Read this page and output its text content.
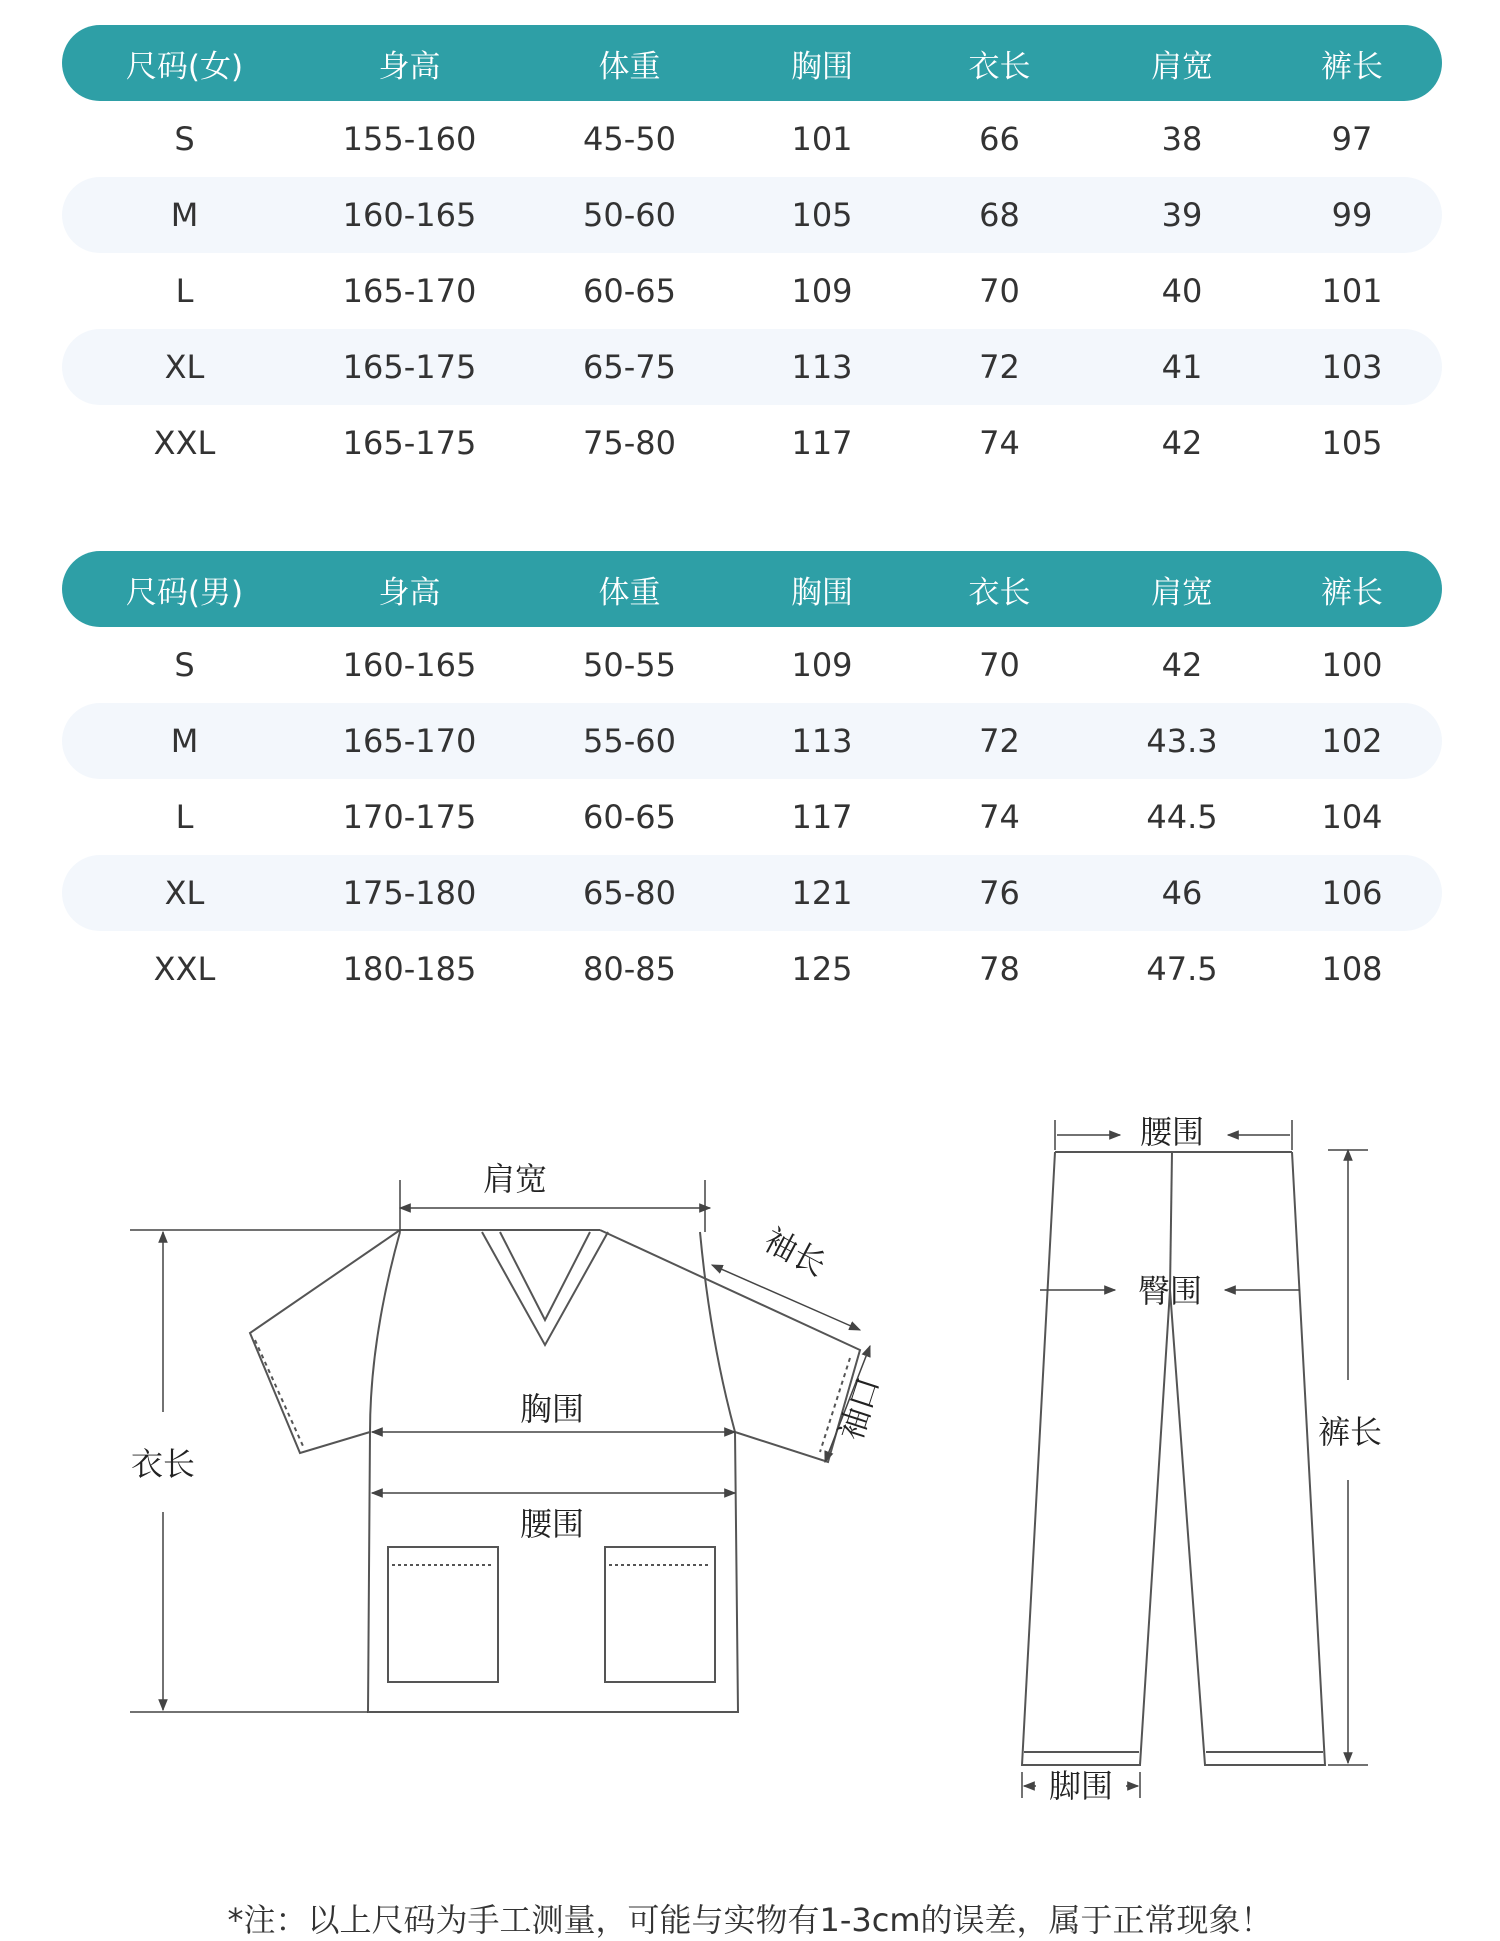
尺码(女)	身高	体重	胸围	衣长	肩宽	裤长
S	155-160	45-50	101	66	38	97
M	160-165	50-60	105	68	39	99
L	165-170	60-65	109	70	40	101
XL	165-175	65-75	113	72	41	103
XXL	165-175	75-80	117	74	42	105
尺码(男)	身高	体重	胸围	衣长	肩宽	裤长
S	160-165	50-55	109	70	42	100
M	165-170	55-60	113	72	43.3	102
L	170-175	60-65	117	74	44.5	104
XL	175-180	65-80	121	76	46	106
XXL	180-185	80-85	125	78	47.5	108
肩宽
袖长
袖口
胸围
腰围
衣长
腰围
臀围
裤长
脚围
*注：以上尺码为手工测量，可能与实物有1-3cm的误差，属于正常现象！
